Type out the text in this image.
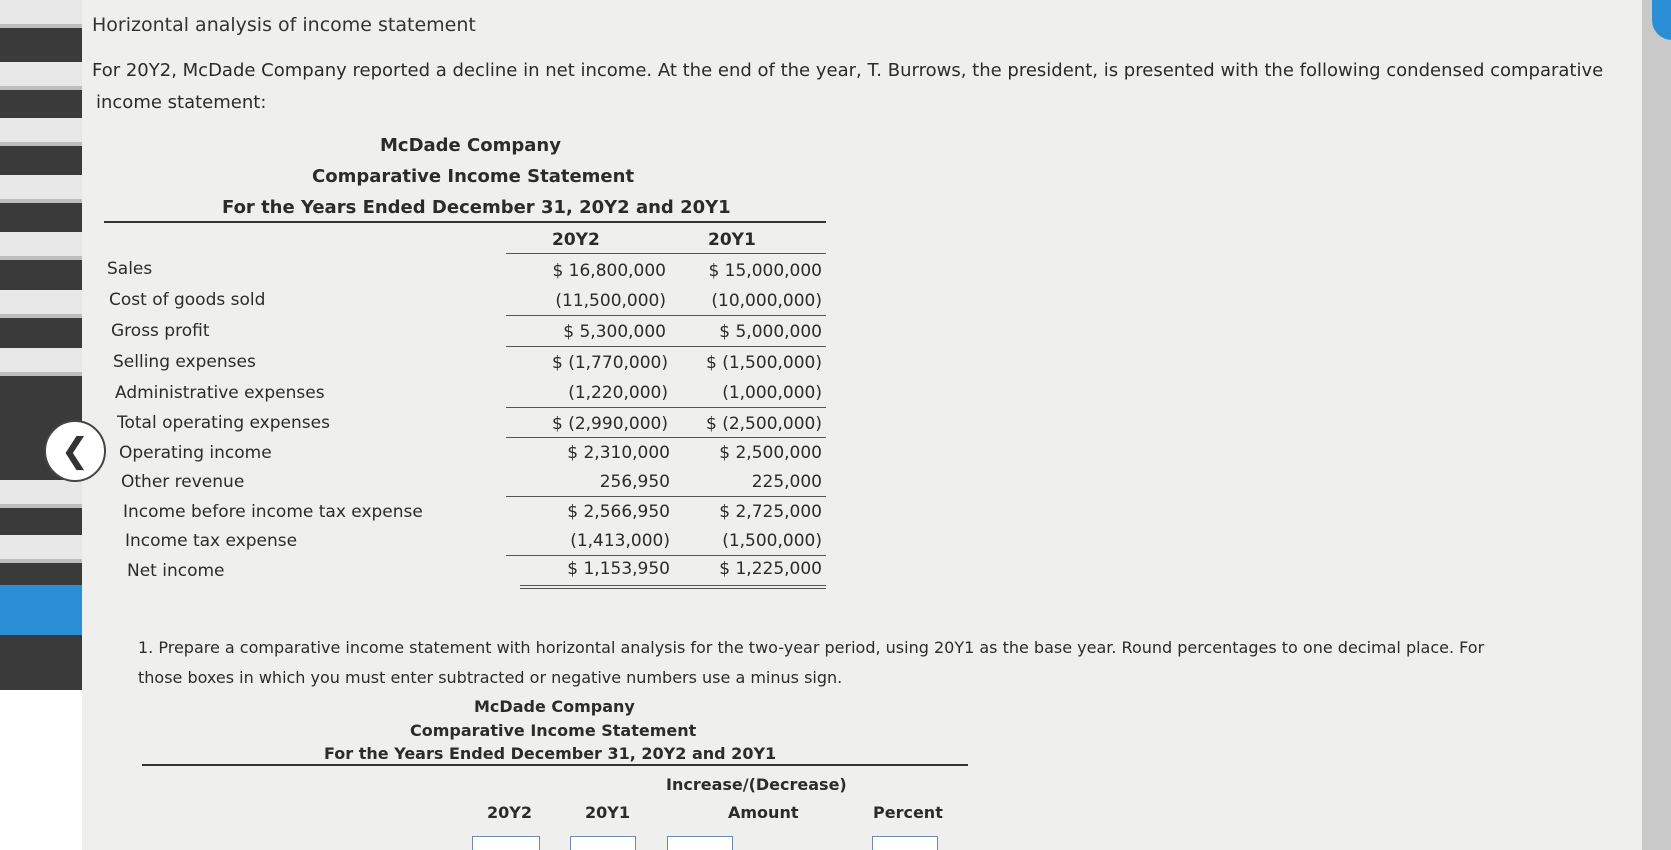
❮
Horizontal analysis of income statement
For 20Y2, McDade Company reported a decline in net income. At the end of the year, T. Burrows, the president, is presented with the following condensed comparative
income statement:
McDade Company
Comparative Income Statement
For the Years Ended December 31, 20Y2 and 20Y1
20Y2	20Y1
Sales	$ 16,800,000	$ 15,000,000
Cost of goods sold	(11,500,000)	(10,000,000)
Gross profit	$ 5,300,000	$ 5,000,000
Selling expenses	$ (1,770,000)	$ (1,500,000)
Administrative expenses	(1,220,000)	(1,000,000)
Total operating expenses	$ (2,990,000)	$ (2,500,000)
Operating income	$ 2,310,000	$ 2,500,000
Other revenue	256,950	225,000
Income before income tax expense	$ 2,566,950	$ 2,725,000
Income tax expense	(1,413,000)	(1,500,000)
Net income	$ 1,153,950	$ 1,225,000
1. Prepare a comparative income statement with horizontal analysis for the two-year period, using 20Y1 as the base year. Round percentages to one decimal place. For
those boxes in which you must enter subtracted or negative numbers use a minus sign.
McDade Company
Comparative Income Statement
For the Years Ended December 31, 20Y2 and 20Y1
Increase/(Decrease)
20Y2	20Y1	Amount	Percent
